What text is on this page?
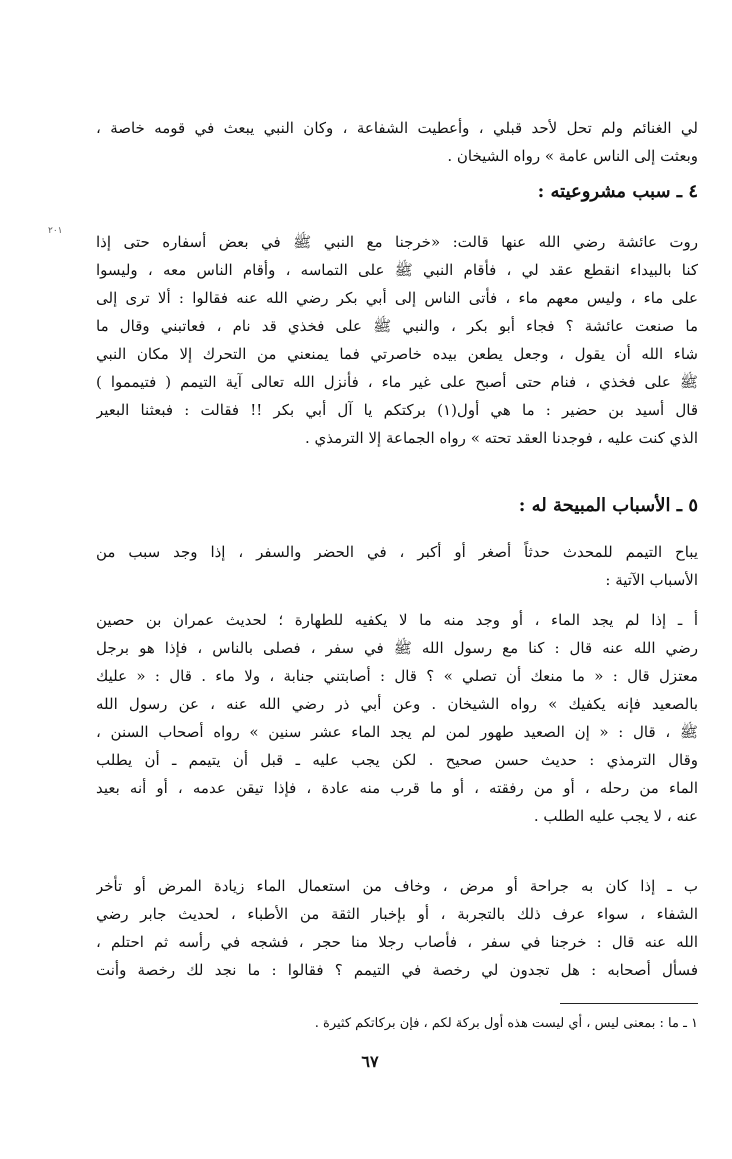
٢٠١
لي الغنائم ولم تحل لأحد قبلي ، وأعطيت الشفاعة ، وكان النبي يبعث في قومه خاصة ،
وبعثت إلى الناس عامة » رواه الشيخان .
٤ ـ سبب مشروعيته :
روت عائشة رضي الله عنها قالت: «خرجنا مع النبي ﷺ في بعض أسفاره حتى إذا
كنا بالبيداء انقطع عقد لي ، فأقام النبي ﷺ على التماسه ، وأقام الناس معه ، وليسوا
على ماء ، وليس معهم ماء ، فأتى الناس إلى أبي بكر رضي الله عنه فقالوا : ألا ترى إلى
ما صنعت عائشة ؟ فجاء أبو بكر ، والنبي ﷺ على فخذي قد نام ، فعاتبني وقال ما
شاء الله أن يقول ، وجعل يطعن بيده خاصرتي فما يمنعني من التحرك إلا مكان النبي
ﷺ على فخذي ، فنام حتى أصبح على غير ماء ، فأنزل الله تعالى آية التيمم ( فتيمموا )
قال أسيد بن حضير : ما هي أول(١) بركتكم يا آل أبي بكر !! فقالت : فبعثنا البعير
الذي كنت عليه ، فوجدنا العقد تحته » رواه الجماعة إلا الترمذي .
٥ ـ الأسباب المبيحة له :
يباح التيمم للمحدث حدثاً أصغر أو أكبر ، في الحضر والسفر ، إذا وجد سبب من
الأسباب الآتية :
أ ـ إذا لم يجد الماء ، أو وجد منه ما لا يكفيه للطهارة ؛ لحديث عمران بن حصين
رضي الله عنه قال : كنا مع رسول الله ﷺ في سفر ، فصلى بالناس ، فإذا هو برجل
معتزل قال : « ما منعك أن تصلي » ؟ قال : أصابتني جنابة ، ولا ماء . قال : « عليك
بالصعيد فإنه يكفيك » رواه الشيخان . وعن أبي ذر رضي الله عنه ، عن رسول الله
ﷺ ، قال : « إن الصعيد طهور لمن لم يجد الماء عشر سنين » رواه أصحاب السنن ،
وقال الترمذي : حديث حسن صحيح . لكن يجب عليه ـ قبل أن يتيمم ـ أن يطلب
الماء من رحله ، أو من رفقته ، أو ما قرب منه عادة ، فإذا تيقن عدمه ، أو أنه بعيد
عنه ، لا يجب عليه الطلب .
ب ـ إذا كان به جراحة أو مرض ، وخاف من استعمال الماء زيادة المرض أو تأخر
الشفاء ، سواء عرف ذلك بالتجربة ، أو بإخبار الثقة من الأطباء ، لحديث جابر رضي
الله عنه قال : خرجنا في سفر ، فأصاب رجلا منا حجر ، فشجه في رأسه ثم احتلم ،
فسأل أصحابه : هل تجدون لي رخصة في التيمم ؟ فقالوا : ما نجد لك رخصة وأنت
١ ـ ما : بمعنى ليس ، أي ليست هذه أول بركة لكم ، فإن بركاتكم كثيرة .
٦٧
